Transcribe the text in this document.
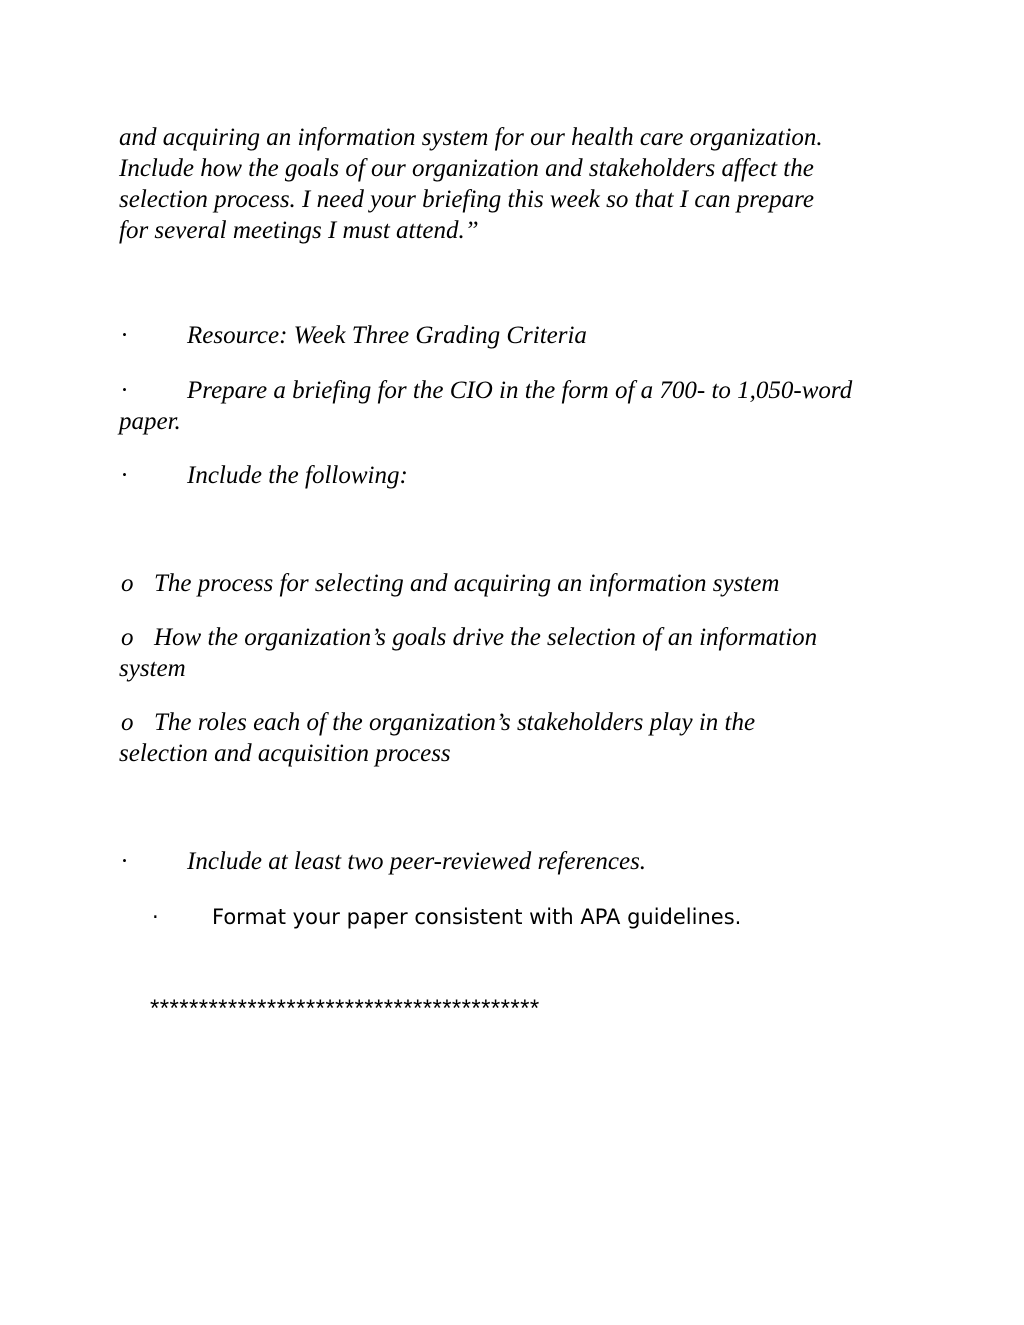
and acquiring an information system for our health care organization.
Include how the goals of our organization and stakeholders affect the
selection process. I need your briefing this week so that I can prepare
for several meetings I must attend.”
· Resource: Week Three Grading Criteria
· Prepare a briefing for the CIO in the form of a 700- to 1,050-word
paper.
· Include the following:
o The process for selecting and acquiring an information system
o How the organization’s goals drive the selection of an information
system
o The roles each of the organization’s stakeholders play in the
selection and acquisition process
· Include at least two peer-reviewed references.
·	Format your paper consistent with APA guidelines.
****************************************
